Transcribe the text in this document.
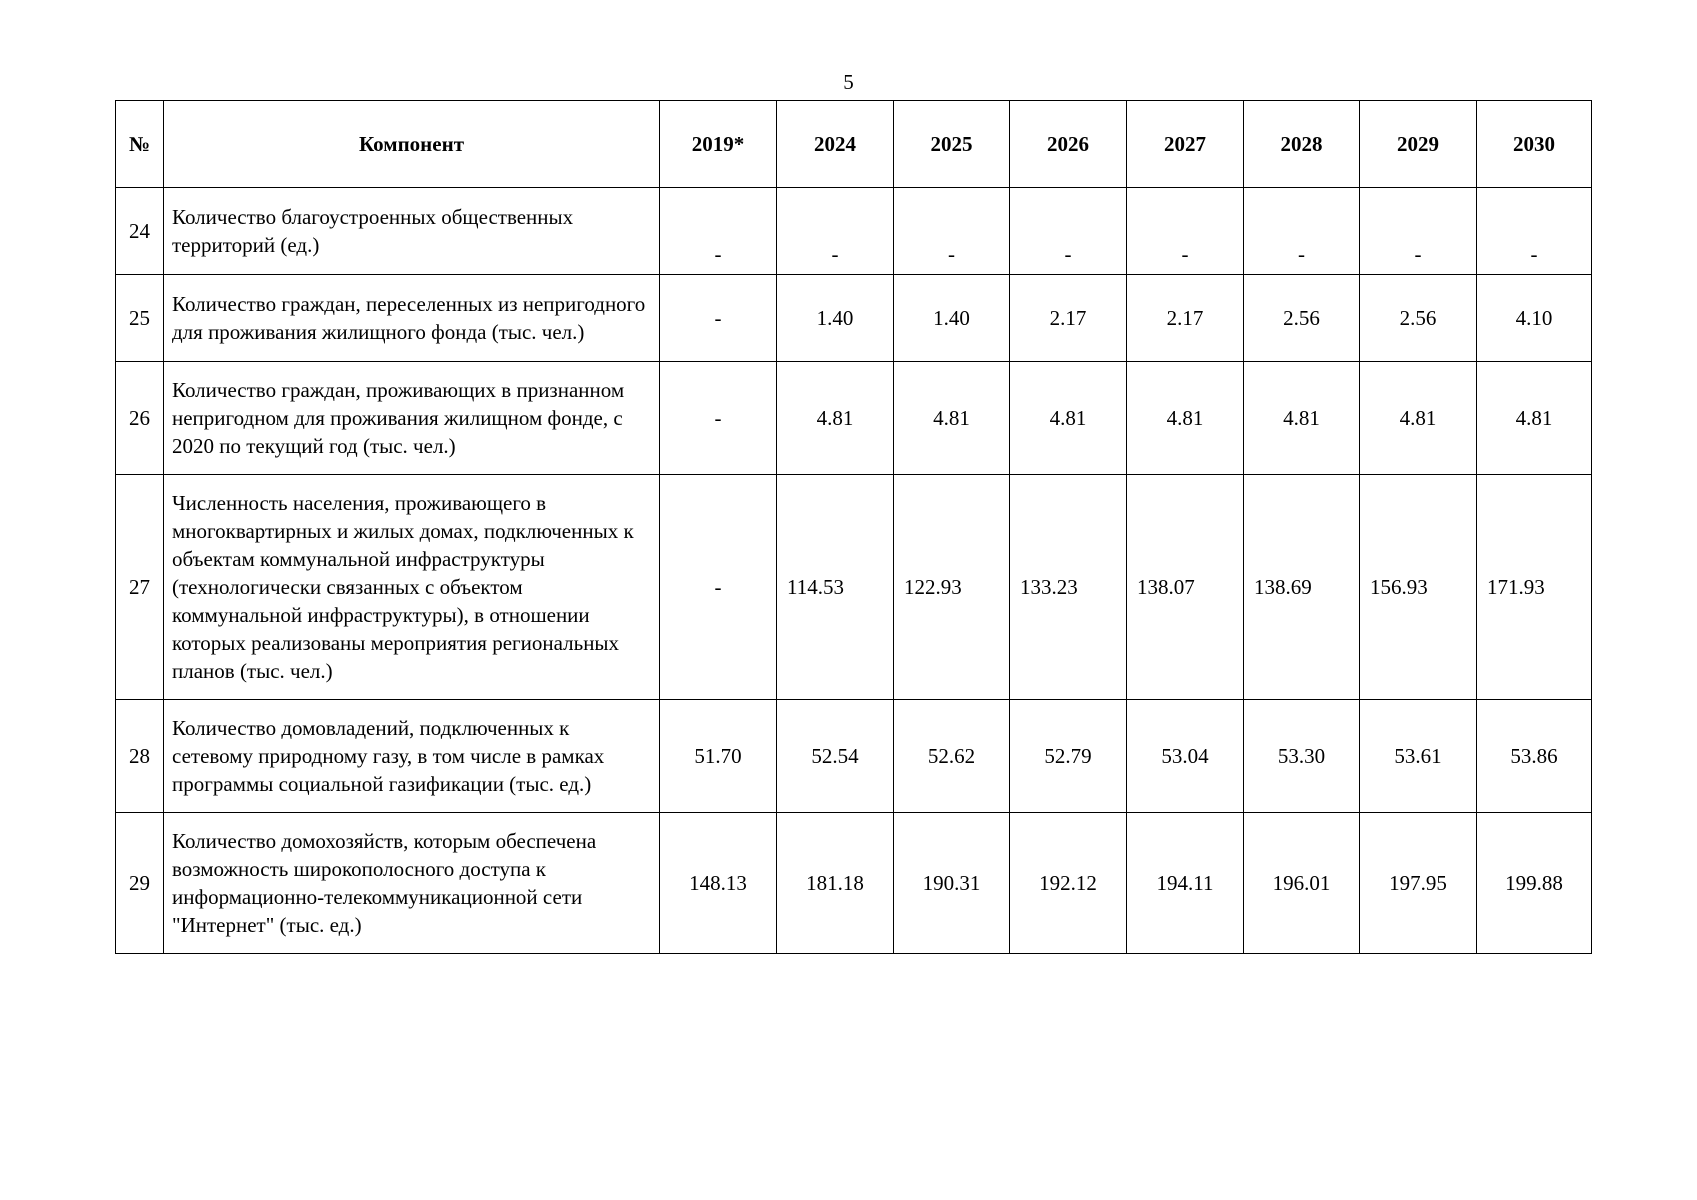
5
№	Компонент	2019*	2024	2025	2026	2027	2028	2029	2030
24	Количество благоустроенных общественных территорий (ед.)	-	-	-	-	-	-	-	-
25	Количество граждан, переселенных из непригодного для проживания жилищного фонда (тыс. чел.)	-	1.40	1.40	2.17	2.17	2.56	2.56	4.10
26	Количество граждан, проживающих в признанном непригодном для проживания жилищном фонде, с 2020 по текущий год (тыс. чел.)	-	4.81	4.81	4.81	4.81	4.81	4.81	4.81
27	Численность населения, проживающего в многоквартирных и жилых домах, подключенных к объектам коммунальной инфраструктуры (технологически связанных с объектом коммунальной инфраструктуры), в отношении которых реализованы мероприятия региональных планов (тыс. чел.)	-	114.53	122.93	133.23	138.07	138.69	156.93	171.93
28	Количество домовладений, подключенных к сетевому природному газу, в том числе в рамках программы социальной газификации (тыс. ед.)	51.70	52.54	52.62	52.79	53.04	53.30	53.61	53.86
29	Количество домохозяйств, которым обеспечена возможность широкополосного доступа к информационно-телекоммуникационной сети "Интернет" (тыс. ед.)	148.13	181.18	190.31	192.12	194.11	196.01	197.95	199.88
